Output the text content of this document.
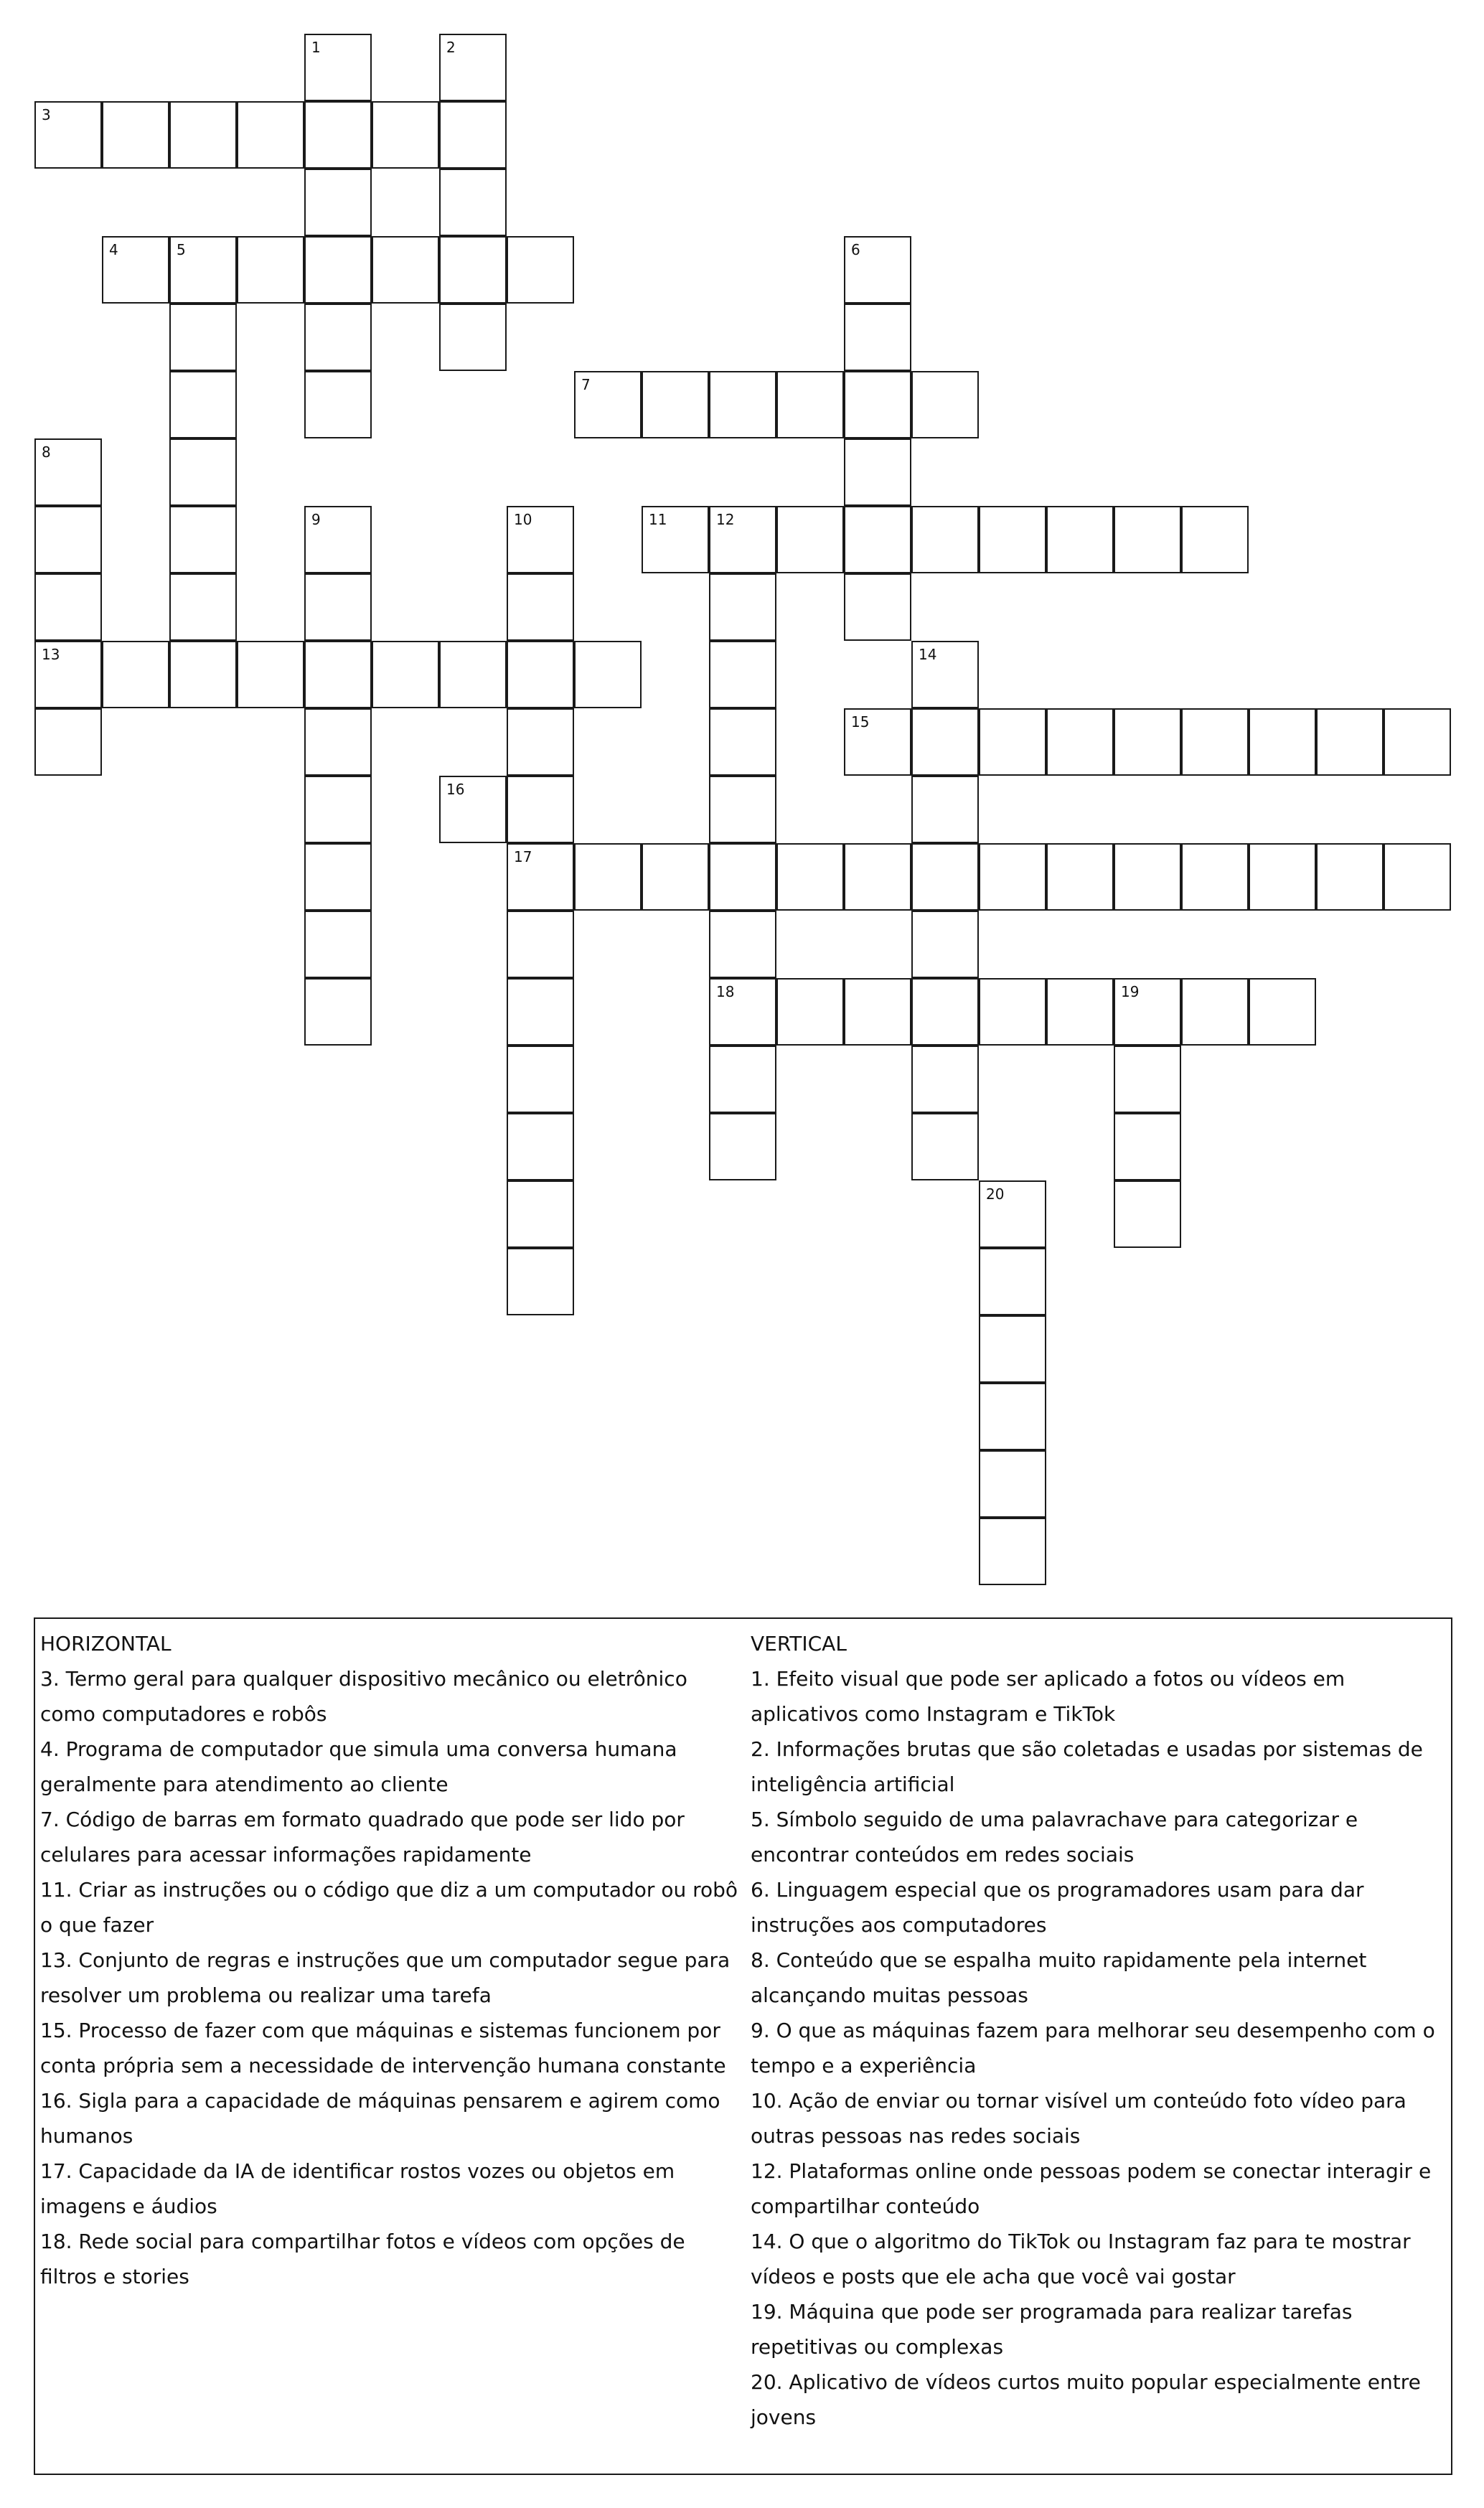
1	2
3
4	5	6
7
8
13
9	10
17
11	12
18
14
15
16
19
20

HORIZONTAL

3. Termo geral para qualquer dispositivo mecânico ou eletrônico como computadores e robôs

4. Programa de computador que simula uma conversa humana geralmente para atendimento ao cliente

7. Código de barras em formato quadrado que pode ser lido por celulares para acessar informações rapidamente

11. Criar as instruções ou o código que diz a um computador ou robô o que fazer

13. Conjunto de regras e instruções que um computador segue para resolver um problema ou realizar uma tarefa

15. Processo de fazer com que máquinas e sistemas funcionem por conta própria sem a necessidade de intervenção humana constante

16. Sigla para a capacidade de máquinas pensarem e agirem como humanos

17. Capacidade da IA de identificar rostos vozes ou objetos em imagens e áudios

18. Rede social para compartilhar fotos e vídeos com opções de filtros e stories

VERTICAL

1. Efeito visual que pode ser aplicado a fotos ou vídeos em aplicativos como Instagram e TikTok

2. Informações brutas que são coletadas e usadas por sistemas de inteligência artificial

5. Símbolo seguido de uma palavrachave para categorizar e encontrar conteúdos em redes sociais

6. Linguagem especial que os programadores usam para dar instruções aos computadores

8. Conteúdo que se espalha muito rapidamente pela internet alcançando muitas pessoas

9. O que as máquinas fazem para melhorar seu desempenho com o tempo e a experiência

10. Ação de enviar ou tornar visível um conteúdo foto vídeo para outras pessoas nas redes sociais

12. Plataformas online onde pessoas podem se conectar interagir e compartilhar conteúdo

14. O que o algoritmo do TikTok ou Instagram faz para te mostrar vídeos e posts que ele acha que você vai gostar

19. Máquina que pode ser programada para realizar tarefas repetitivas ou complexas

20. Aplicativo de vídeos curtos muito popular especialmente entre jovens
